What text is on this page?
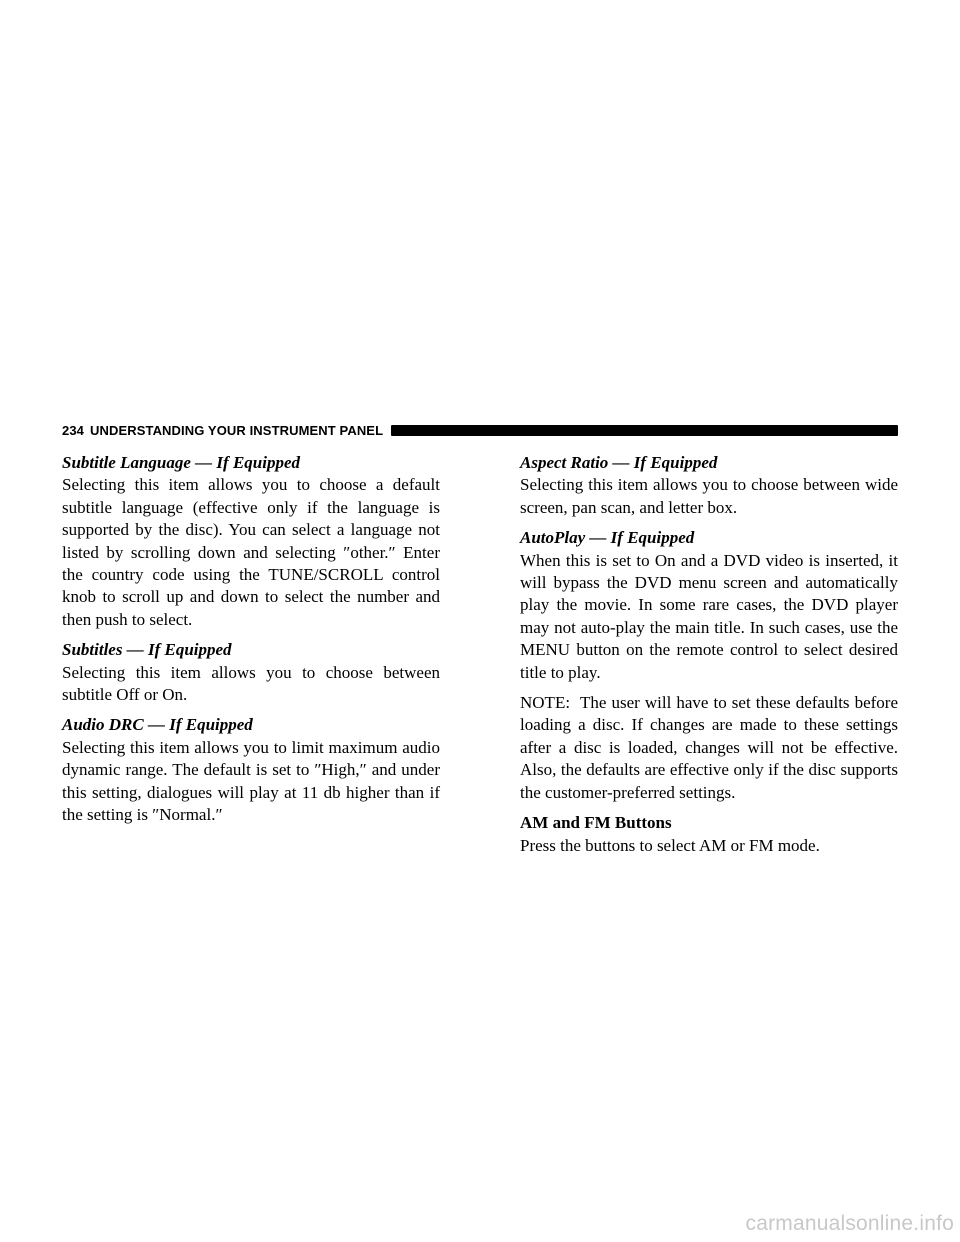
234 UNDERSTANDING YOUR INSTRUMENT PANEL
Subtitle Language — If Equipped
Selecting this item allows you to choose a default subtitle language (effective only if the language is supported by the disc). You can select a language not listed by scrolling down and selecting ″other.″ Enter the country code using the TUNE/SCROLL control knob to scroll up and down to select the number and then push to select.
Subtitles — If Equipped
Selecting this item allows you to choose between subtitle Off or On.
Audio DRC — If Equipped
Selecting this item allows you to limit maximum audio dynamic range. The default is set to ″High,″ and under this setting, dialogues will play at 11 db higher than if the setting is ″Normal.″
Aspect Ratio — If Equipped
Selecting this item allows you to choose between wide screen, pan scan, and letter box.
AutoPlay — If Equipped
When this is set to On and a DVD video is inserted, it will bypass the DVD menu screen and automatically play the movie. In some rare cases, the DVD player may not auto-play the main title. In such cases, use the MENU button on the remote control to select desired title to play.

NOTE: The user will have to set these defaults before loading a disc. If changes are made to these settings after a disc is loaded, changes will not be effective. Also, the defaults are effective only if the disc supports the customer-preferred settings.

AM and FM Buttons
Press the buttons to select AM or FM mode.
carmanualsonline.info
